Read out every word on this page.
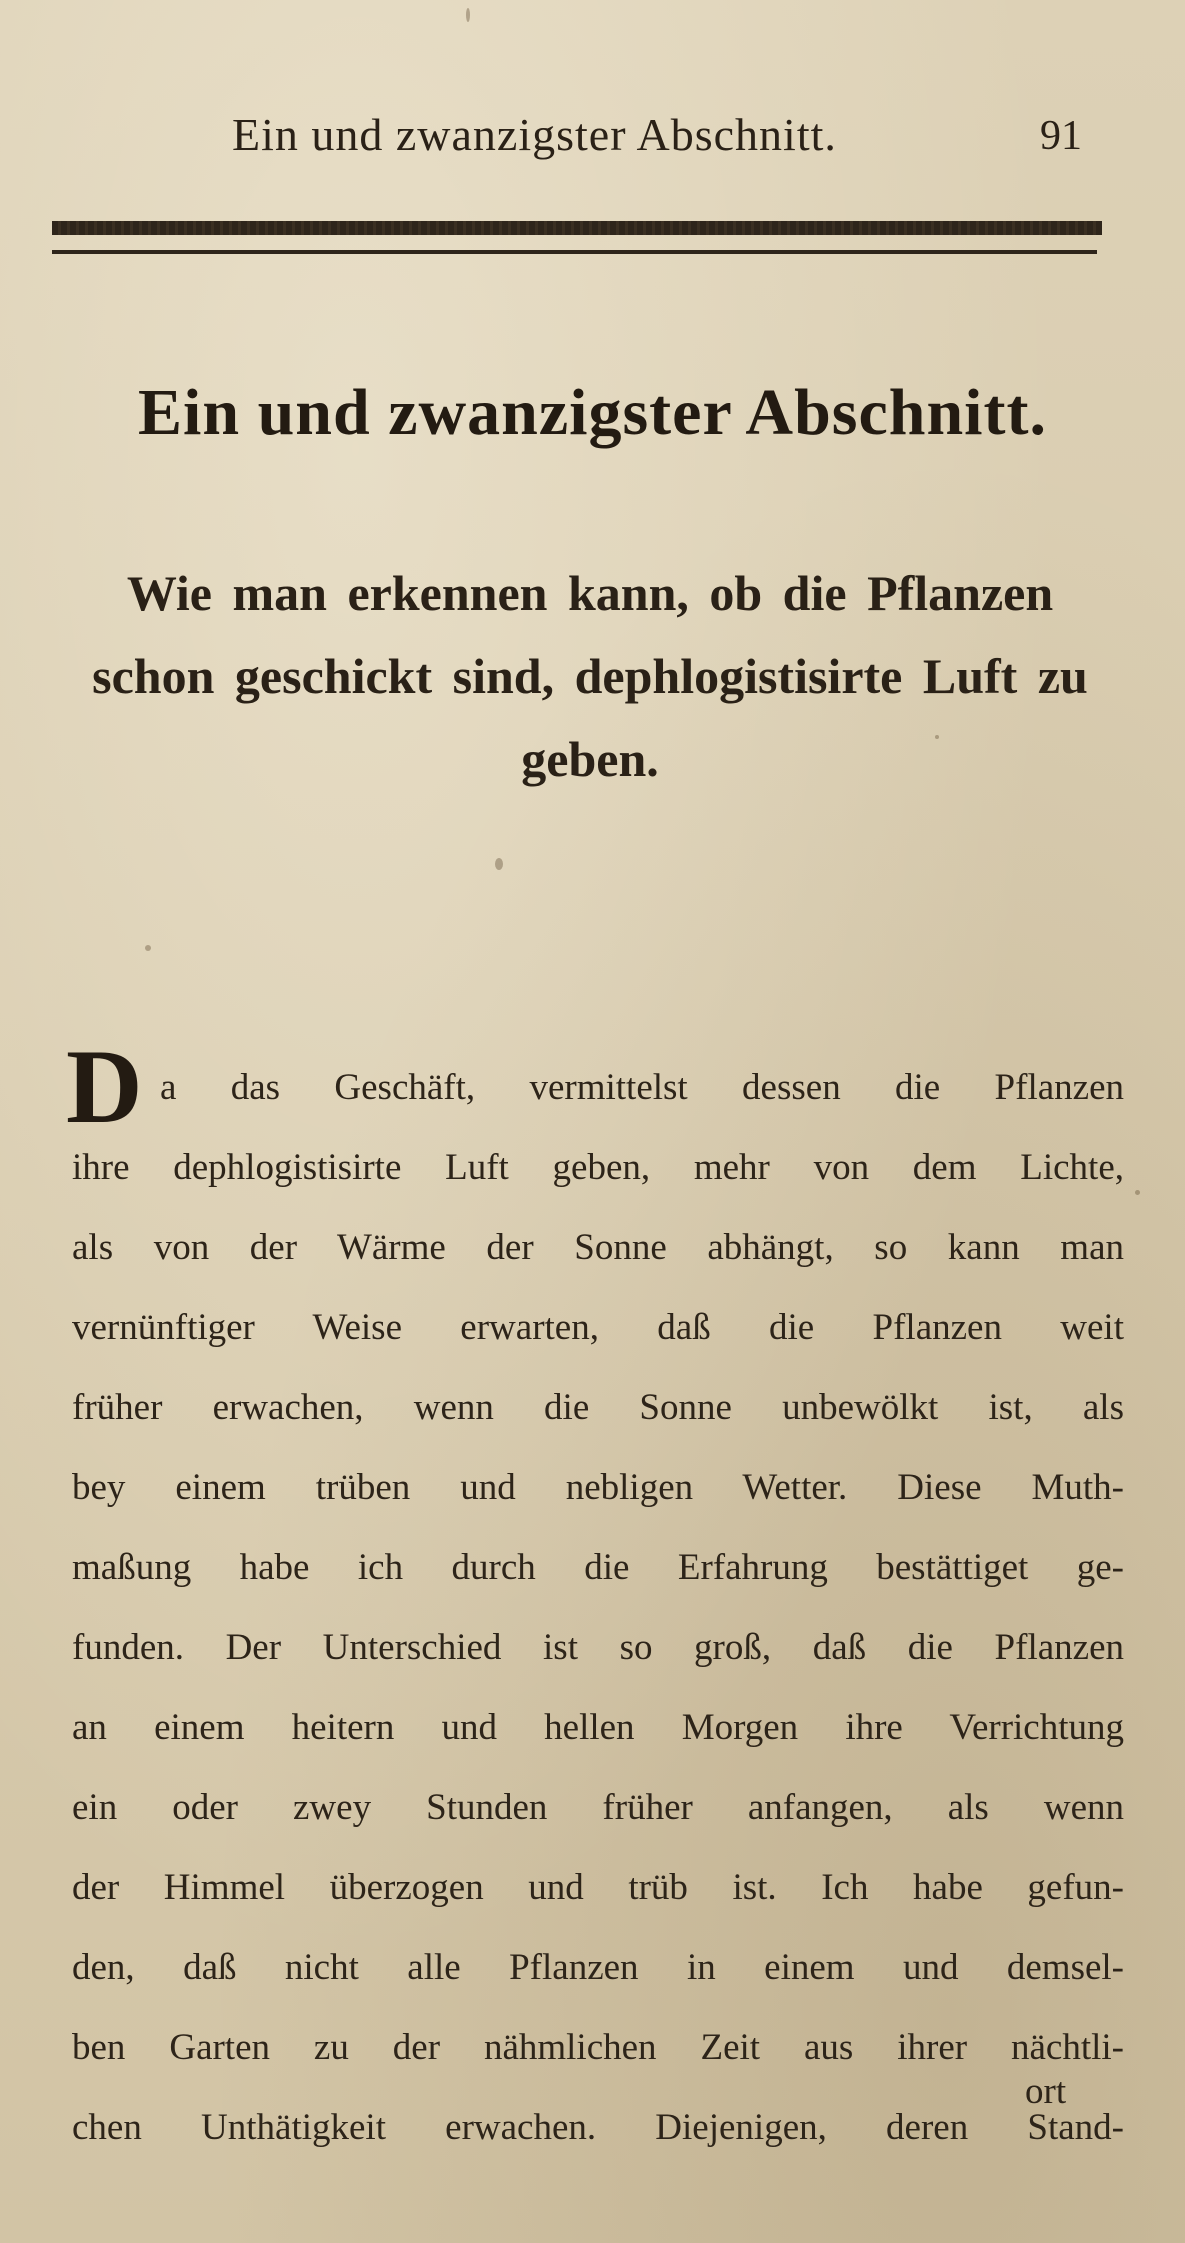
Ein und zwanzigster Abschnitt.	91
Ein und zwanzigster Abschnitt.
Wie man erkennen kann, ob die Pflanzen
schon geschickt sind, dephlogistisirte Luft zu
geben.
D a das Geschäft, vermittelst dessen die Pflanzen
ihre dephlogistisirte Luft geben, mehr von dem Lichte,
als von der Wärme der Sonne abhängt, so kann man
vernünftiger Weise erwarten, daß die Pflanzen weit
früher erwachen, wenn die Sonne unbewölkt ist, als
bey einem trüben und nebligen Wetter. Diese Muth-
maßung habe ich durch die Erfahrung bestättiget ge-
funden. Der Unterschied ist so groß, daß die Pflanzen
an einem heitern und hellen Morgen ihre Verrichtung
ein oder zwey Stunden früher anfangen, als wenn
der Himmel überzogen und trüb ist. Ich habe gefun-
den, daß nicht alle Pflanzen in einem und demsel-
ben Garten zu der nähmlichen Zeit aus ihrer nächtli-
chen Unthätigkeit erwachen. Diejenigen, deren Stand-
ort
